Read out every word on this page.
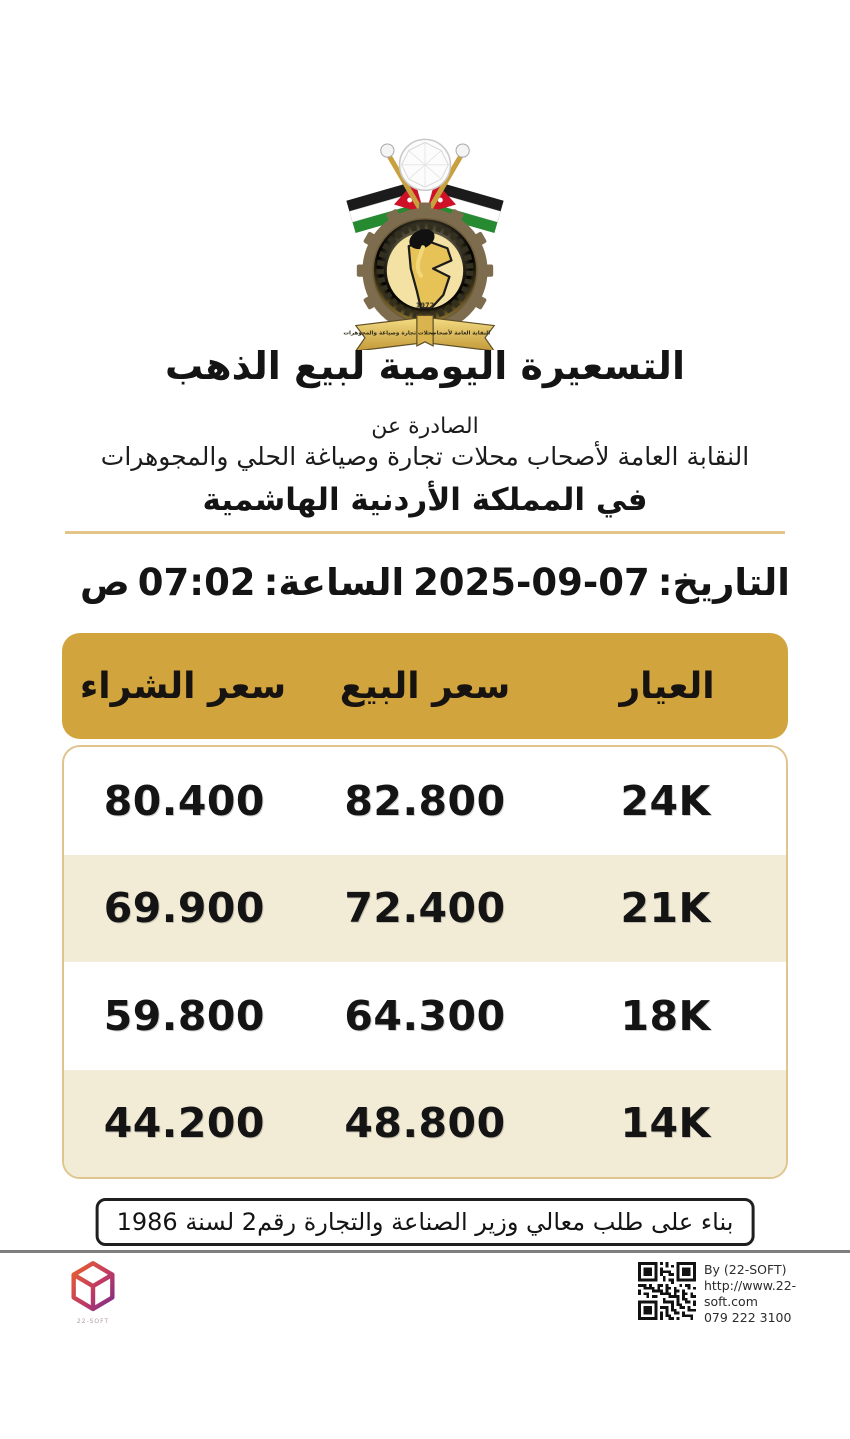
1972
النقابة العامة لأصحاب
محلات تجارة وصياغة والمجوهرات
التسعيرة اليومية لبيع الذهب
الصادرة عن
النقابة العامة لأصحاب محلات تجارة وصياغة الحلي والمجوهرات
في المملكة الأردنية الهاشمية
التاريخ:07-09-2025
الساعة:07:02ص
العيار
سعر البيع
سعر الشراء
24K
82.800
80.400
21K
72.400
69.900
18K
64.300
59.800
14K
48.800
44.200
بناء على طلب معالي وزير الصناعة والتجارة رقم2 لسنة 1986
22-SOFT
By (22-SOFT)
http://www.22-soft.com
079 222 3100
